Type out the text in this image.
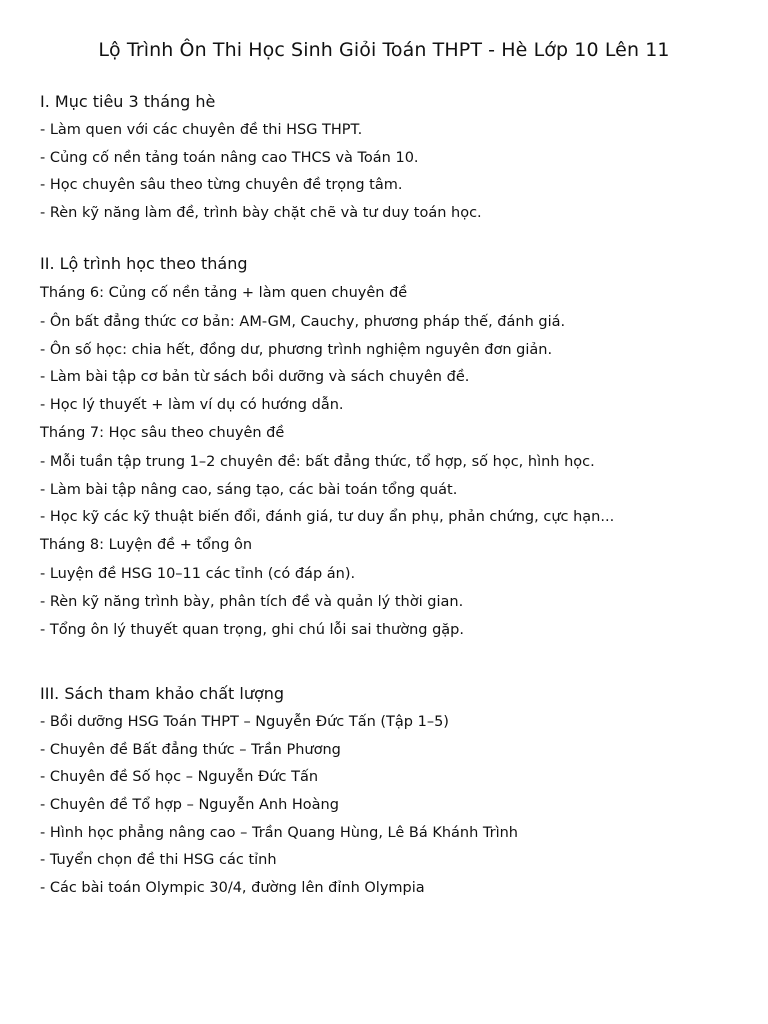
Lộ Trình Ôn Thi Học Sinh Giỏi Toán THPT - Hè Lớp 10 Lên 11
I. Mục tiêu 3 tháng hè
- Làm quen với các chuyên đề thi HSG THPT.
- Củng cố nền tảng toán nâng cao THCS và Toán 10.
- Học chuyên sâu theo từng chuyên đề trọng tâm.
- Rèn kỹ năng làm đề, trình bày chặt chẽ và tư duy toán học.
II. Lộ trình học theo tháng
Tháng 6: Củng cố nền tảng + làm quen chuyên đề
- Ôn bất đẳng thức cơ bản: AM-GM, Cauchy, phương pháp thế, đánh giá.
- Ôn số học: chia hết, đồng dư, phương trình nghiệm nguyên đơn giản.
- Làm bài tập cơ bản từ sách bồi dưỡng và sách chuyên đề.
- Học lý thuyết + làm ví dụ có hướng dẫn.
Tháng 7: Học sâu theo chuyên đề
- Mỗi tuần tập trung 1–2 chuyên đề: bất đẳng thức, tổ hợp, số học, hình học.
- Làm bài tập nâng cao, sáng tạo, các bài toán tổng quát.
- Học kỹ các kỹ thuật biến đổi, đánh giá, tư duy ẩn phụ, phản chứng, cực hạn...
Tháng 8: Luyện đề + tổng ôn
- Luyện đề HSG 10–11 các tỉnh (có đáp án).
- Rèn kỹ năng trình bày, phân tích đề và quản lý thời gian.
- Tổng ôn lý thuyết quan trọng, ghi chú lỗi sai thường gặp.
III. Sách tham khảo chất lượng
- Bồi dưỡng HSG Toán THPT – Nguyễn Đức Tấn (Tập 1–5)
- Chuyên đề Bất đẳng thức – Trần Phương
- Chuyên đề Số học – Nguyễn Đức Tấn
- Chuyên đề Tổ hợp – Nguyễn Anh Hoàng
- Hình học phẳng nâng cao – Trần Quang Hùng, Lê Bá Khánh Trình
- Tuyển chọn đề thi HSG các tỉnh
- Các bài toán Olympic 30/4, đường lên đỉnh Olympia
